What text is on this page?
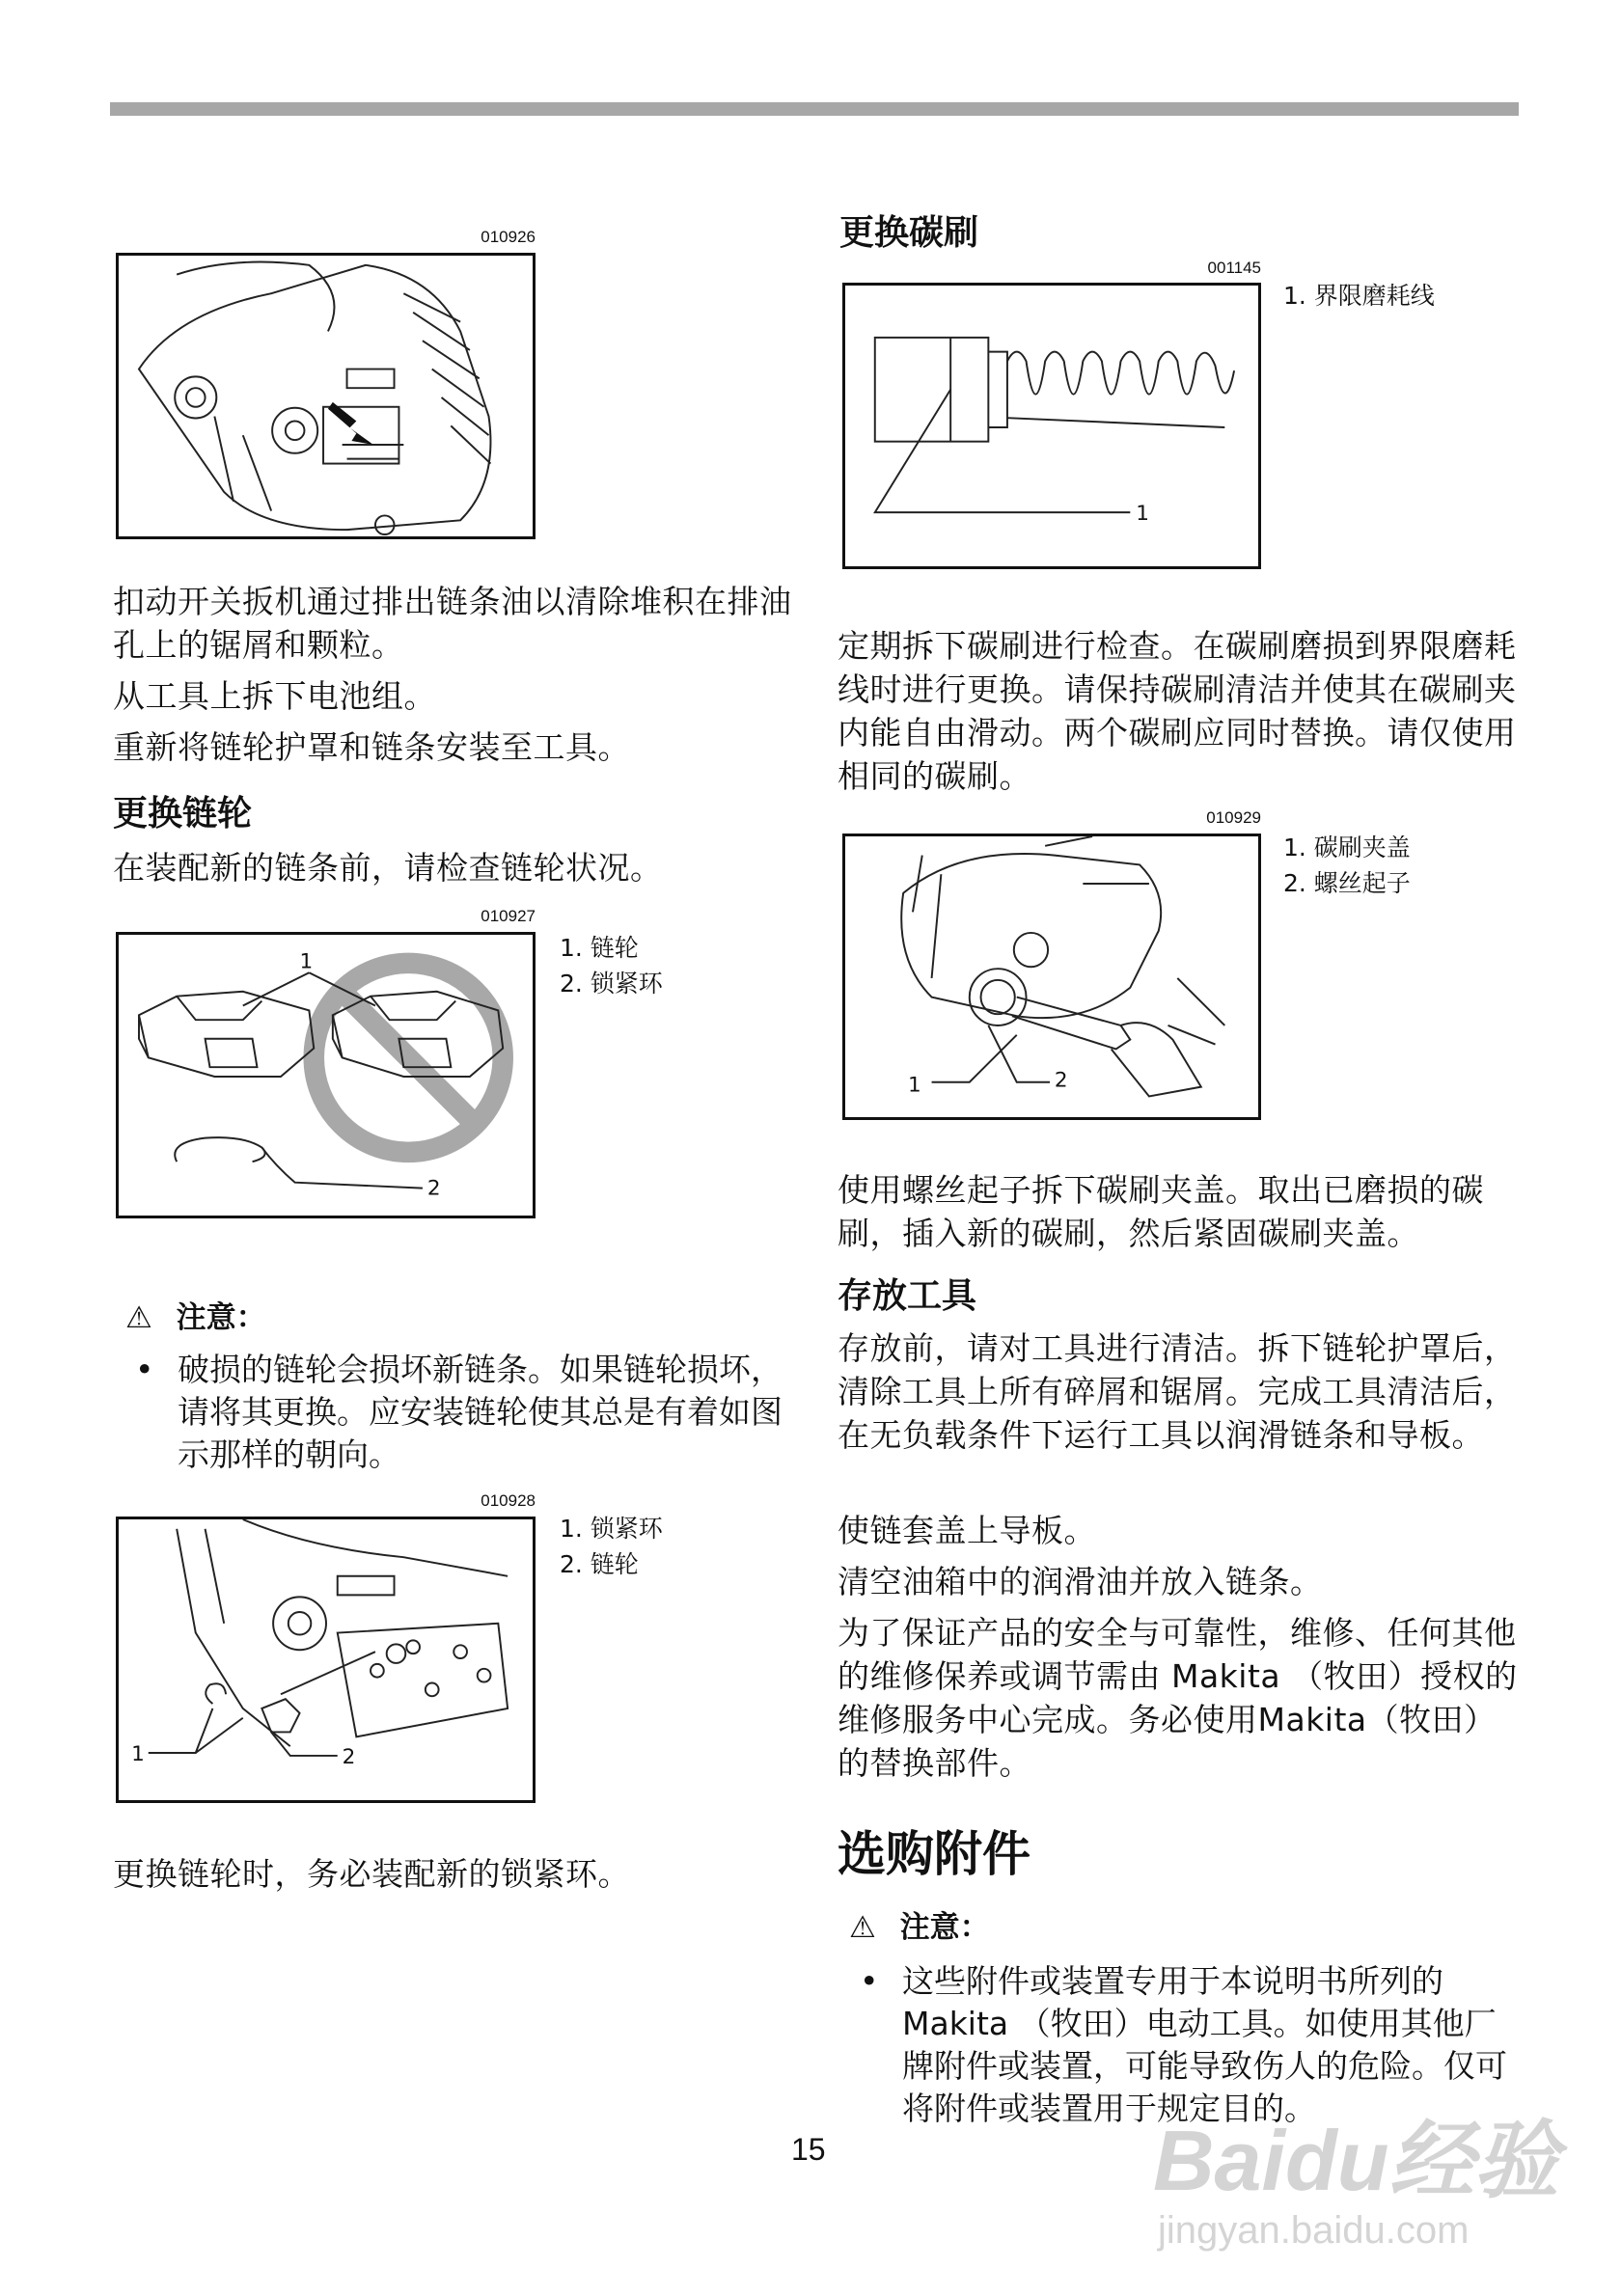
010926
扣动开关扳机通过排出链条油以清除堆积在排油孔上的锯屑和颗粒。
从工具上拆下电池组。
重新将链轮护罩和链条安装至工具。
更换链轮
在装配新的链条前，请检查链轮状况。
010927
1
2
1. 链轮
2. 锁紧环
⚠ 注意：
• 破损的链轮会损坏新链条。如果链轮损坏，请将其更换。应安装链轮使其总是有着如图示那样的朝向。
010928
1	2
1. 锁紧环
2. 链轮
更换链轮时，务必装配新的锁紧环。
更换碳刷
001145
1
1. 界限磨耗线
定期拆下碳刷进行检查。在碳刷磨损到界限磨耗线时进行更换。请保持碳刷清洁并使其在碳刷夹内能自由滑动。两个碳刷应同时替换。请仅使用相同的碳刷。
010929
1	2
1. 碳刷夹盖
2. 螺丝起子
使用螺丝起子拆下碳刷夹盖。取出已磨损的碳刷，插入新的碳刷，然后紧固碳刷夹盖。
存放工具
存放前，请对工具进行清洁。拆下链轮护罩后，清除工具上所有碎屑和锯屑。完成工具清洁后，在无负载条件下运行工具以润滑链条和导板。
使链套盖上导板。
清空油箱中的润滑油并放入链条。
为了保证产品的安全与可靠性，维修、任何其他的维修保养或调节需由 Makita （牧田）授权的维修服务中心完成。务必使用Makita（牧田）的替换部件。
选购附件
⚠ 注意：
• 这些附件或装置专用于本说明书所列的Makita （牧田）电动工具。如使用其他厂牌附件或装置，可能导致伤人的危险。仅可将附件或装置用于规定目的。
15	Baidu经验
jingyan.baidu.com
